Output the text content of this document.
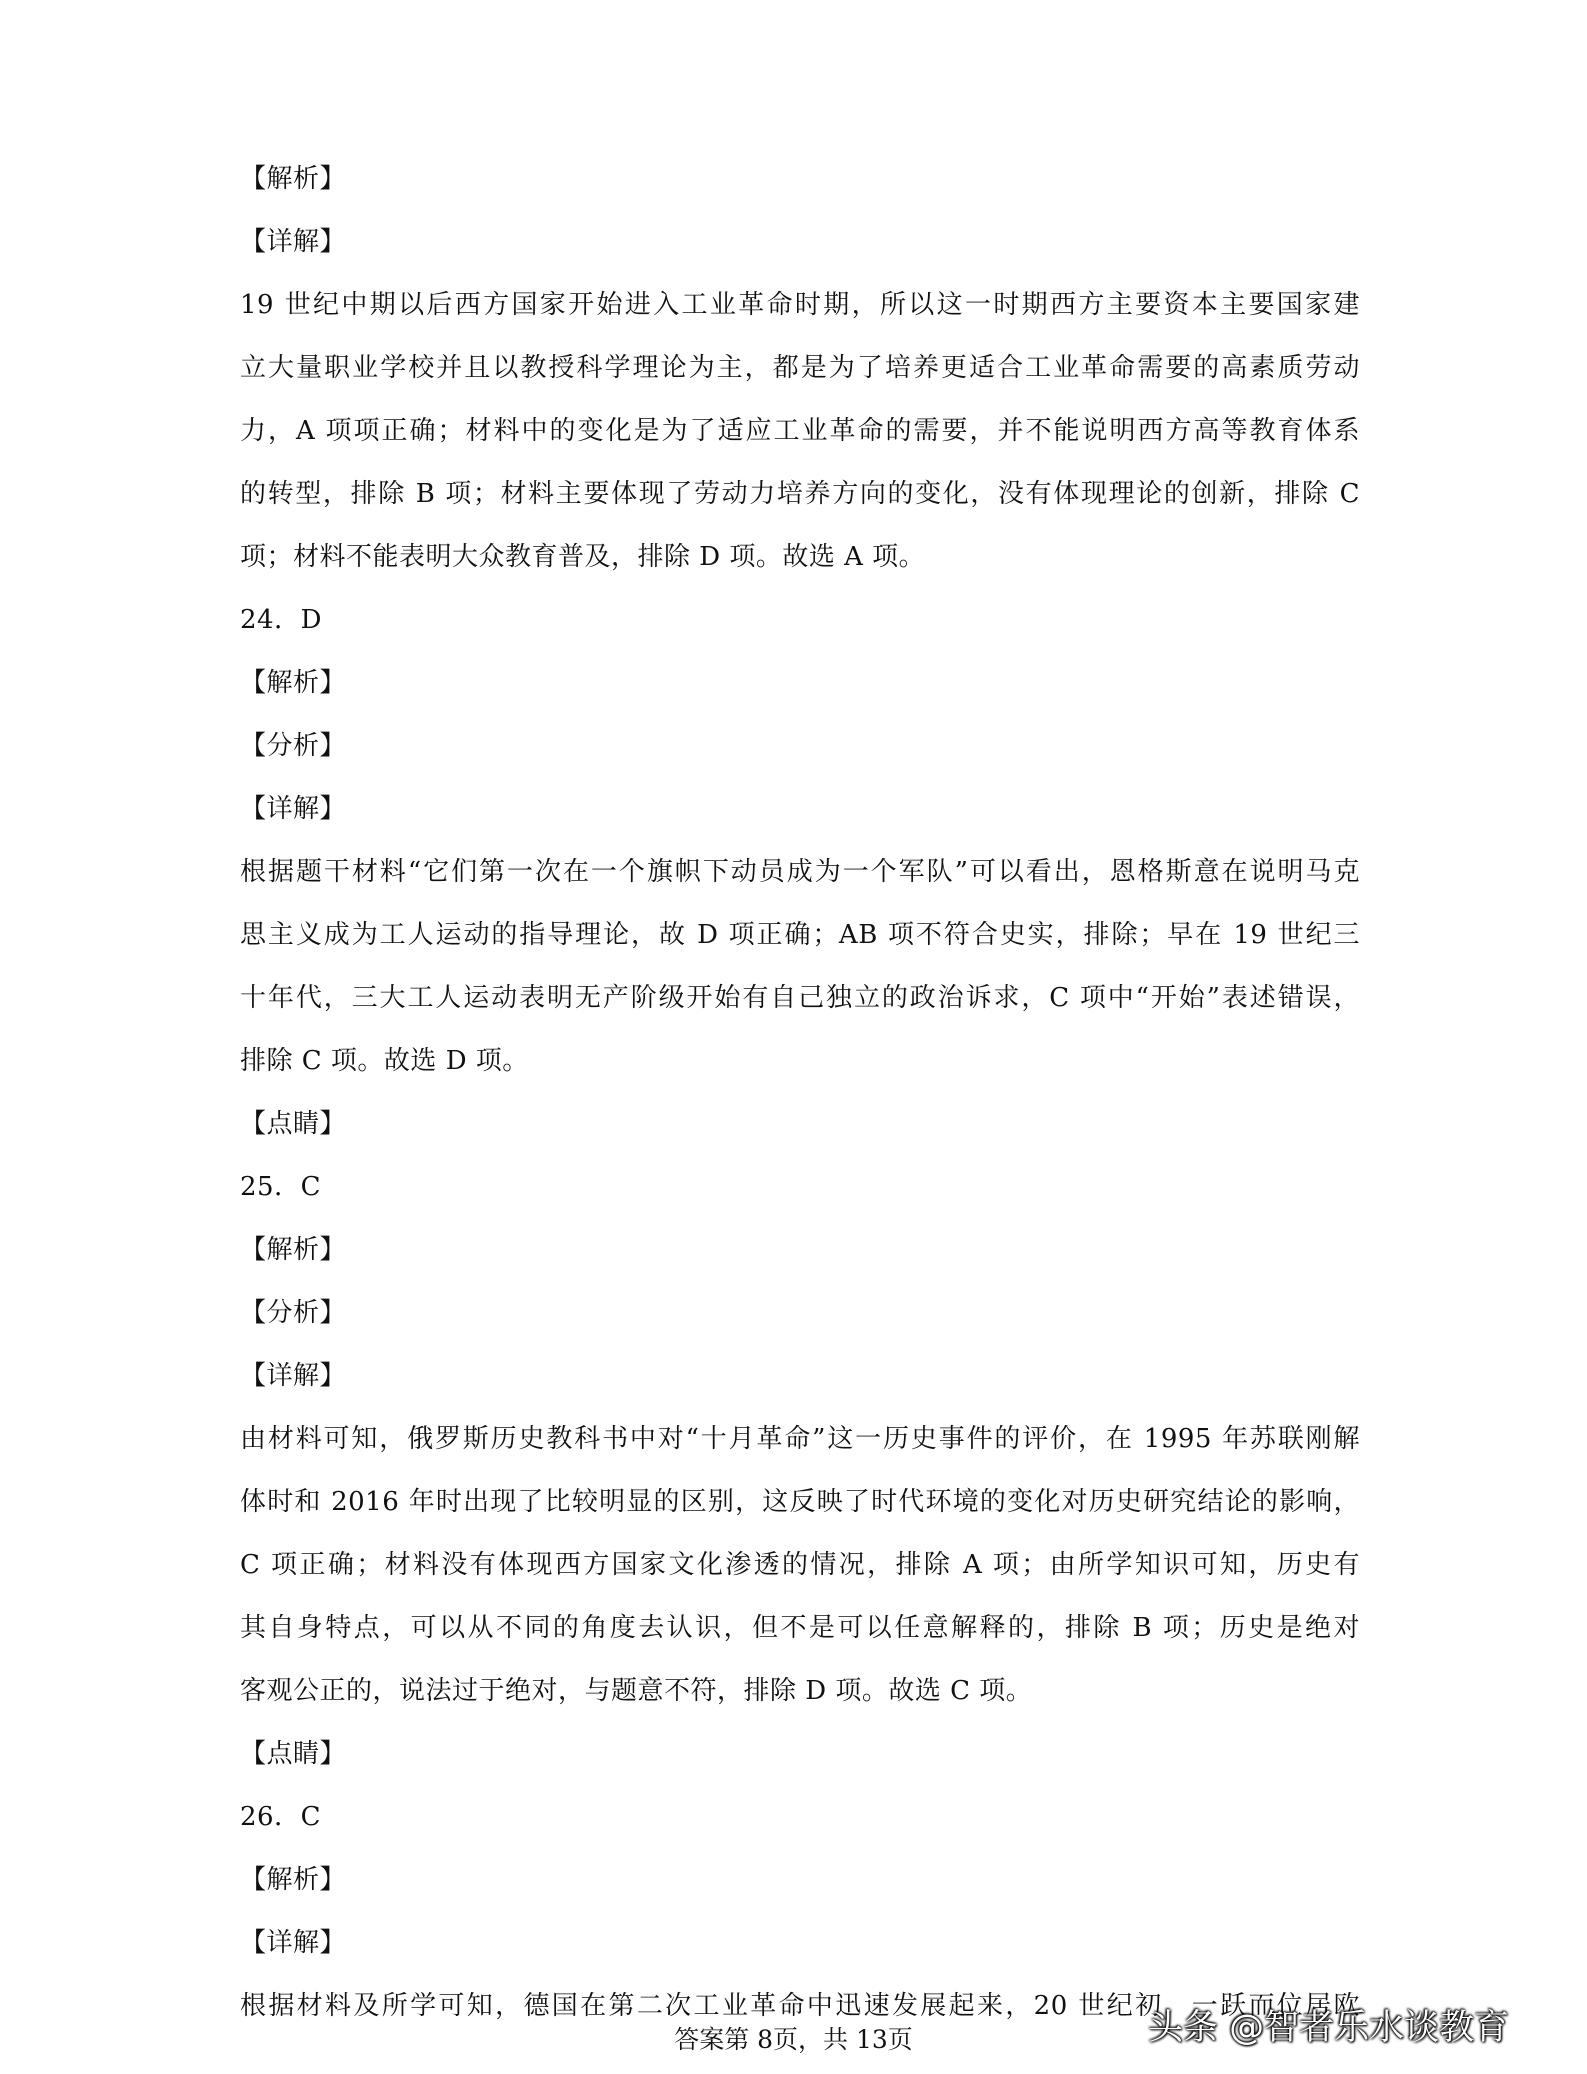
【解析】
【详解】
19 世纪中期以后西方国家开始进入工业革命时期，所以这一时期西方主要资本主要国家建
立大量职业学校并且以教授科学理论为主，都是为了培养更适合工业革命需要的高素质劳动
力，A 项项正确；材料中的变化是为了适应工业革命的需要，并不能说明西方高等教育体系
的转型，排除 B 项；材料主要体现了劳动力培养方向的变化，没有体现理论的创新，排除 C
项；材料不能表明大众教育普及，排除 D 项。故选 A 项。
24．D
【解析】
【分析】
【详解】
根据题干材料“它们第一次在一个旗帜下动员成为一个军队”可以看出，恩格斯意在说明马克
思主义成为工人运动的指导理论，故 D 项正确；AB 项不符合史实，排除；早在 19 世纪三
十年代，三大工人运动表明无产阶级开始有自己独立的政治诉求，C 项中“开始”表述错误，
排除 C 项。故选 D 项。
【点睛】
25．C
【解析】
【分析】
【详解】
由材料可知，俄罗斯历史教科书中对“十月革命”这一历史事件的评价，在 1995 年苏联刚解
体时和 2016 年时出现了比较明显的区别，这反映了时代环境的变化对历史研究结论的影响，
C 项正确；材料没有体现西方国家文化渗透的情况，排除 A 项；由所学知识可知，历史有
其自身特点，可以从不同的角度去认识，但不是可以任意解释的，排除 B 项；历史是绝对
客观公正的，说法过于绝对，与题意不符，排除 D 项。故选 C 项。
【点睛】
26．C
【解析】
【详解】
根据材料及所学可知，德国在第二次工业革命中迅速发展起来，20 世纪初，一跃而位居欧
头条 @智者乐水谈教育
答案第 8页，共 13页
